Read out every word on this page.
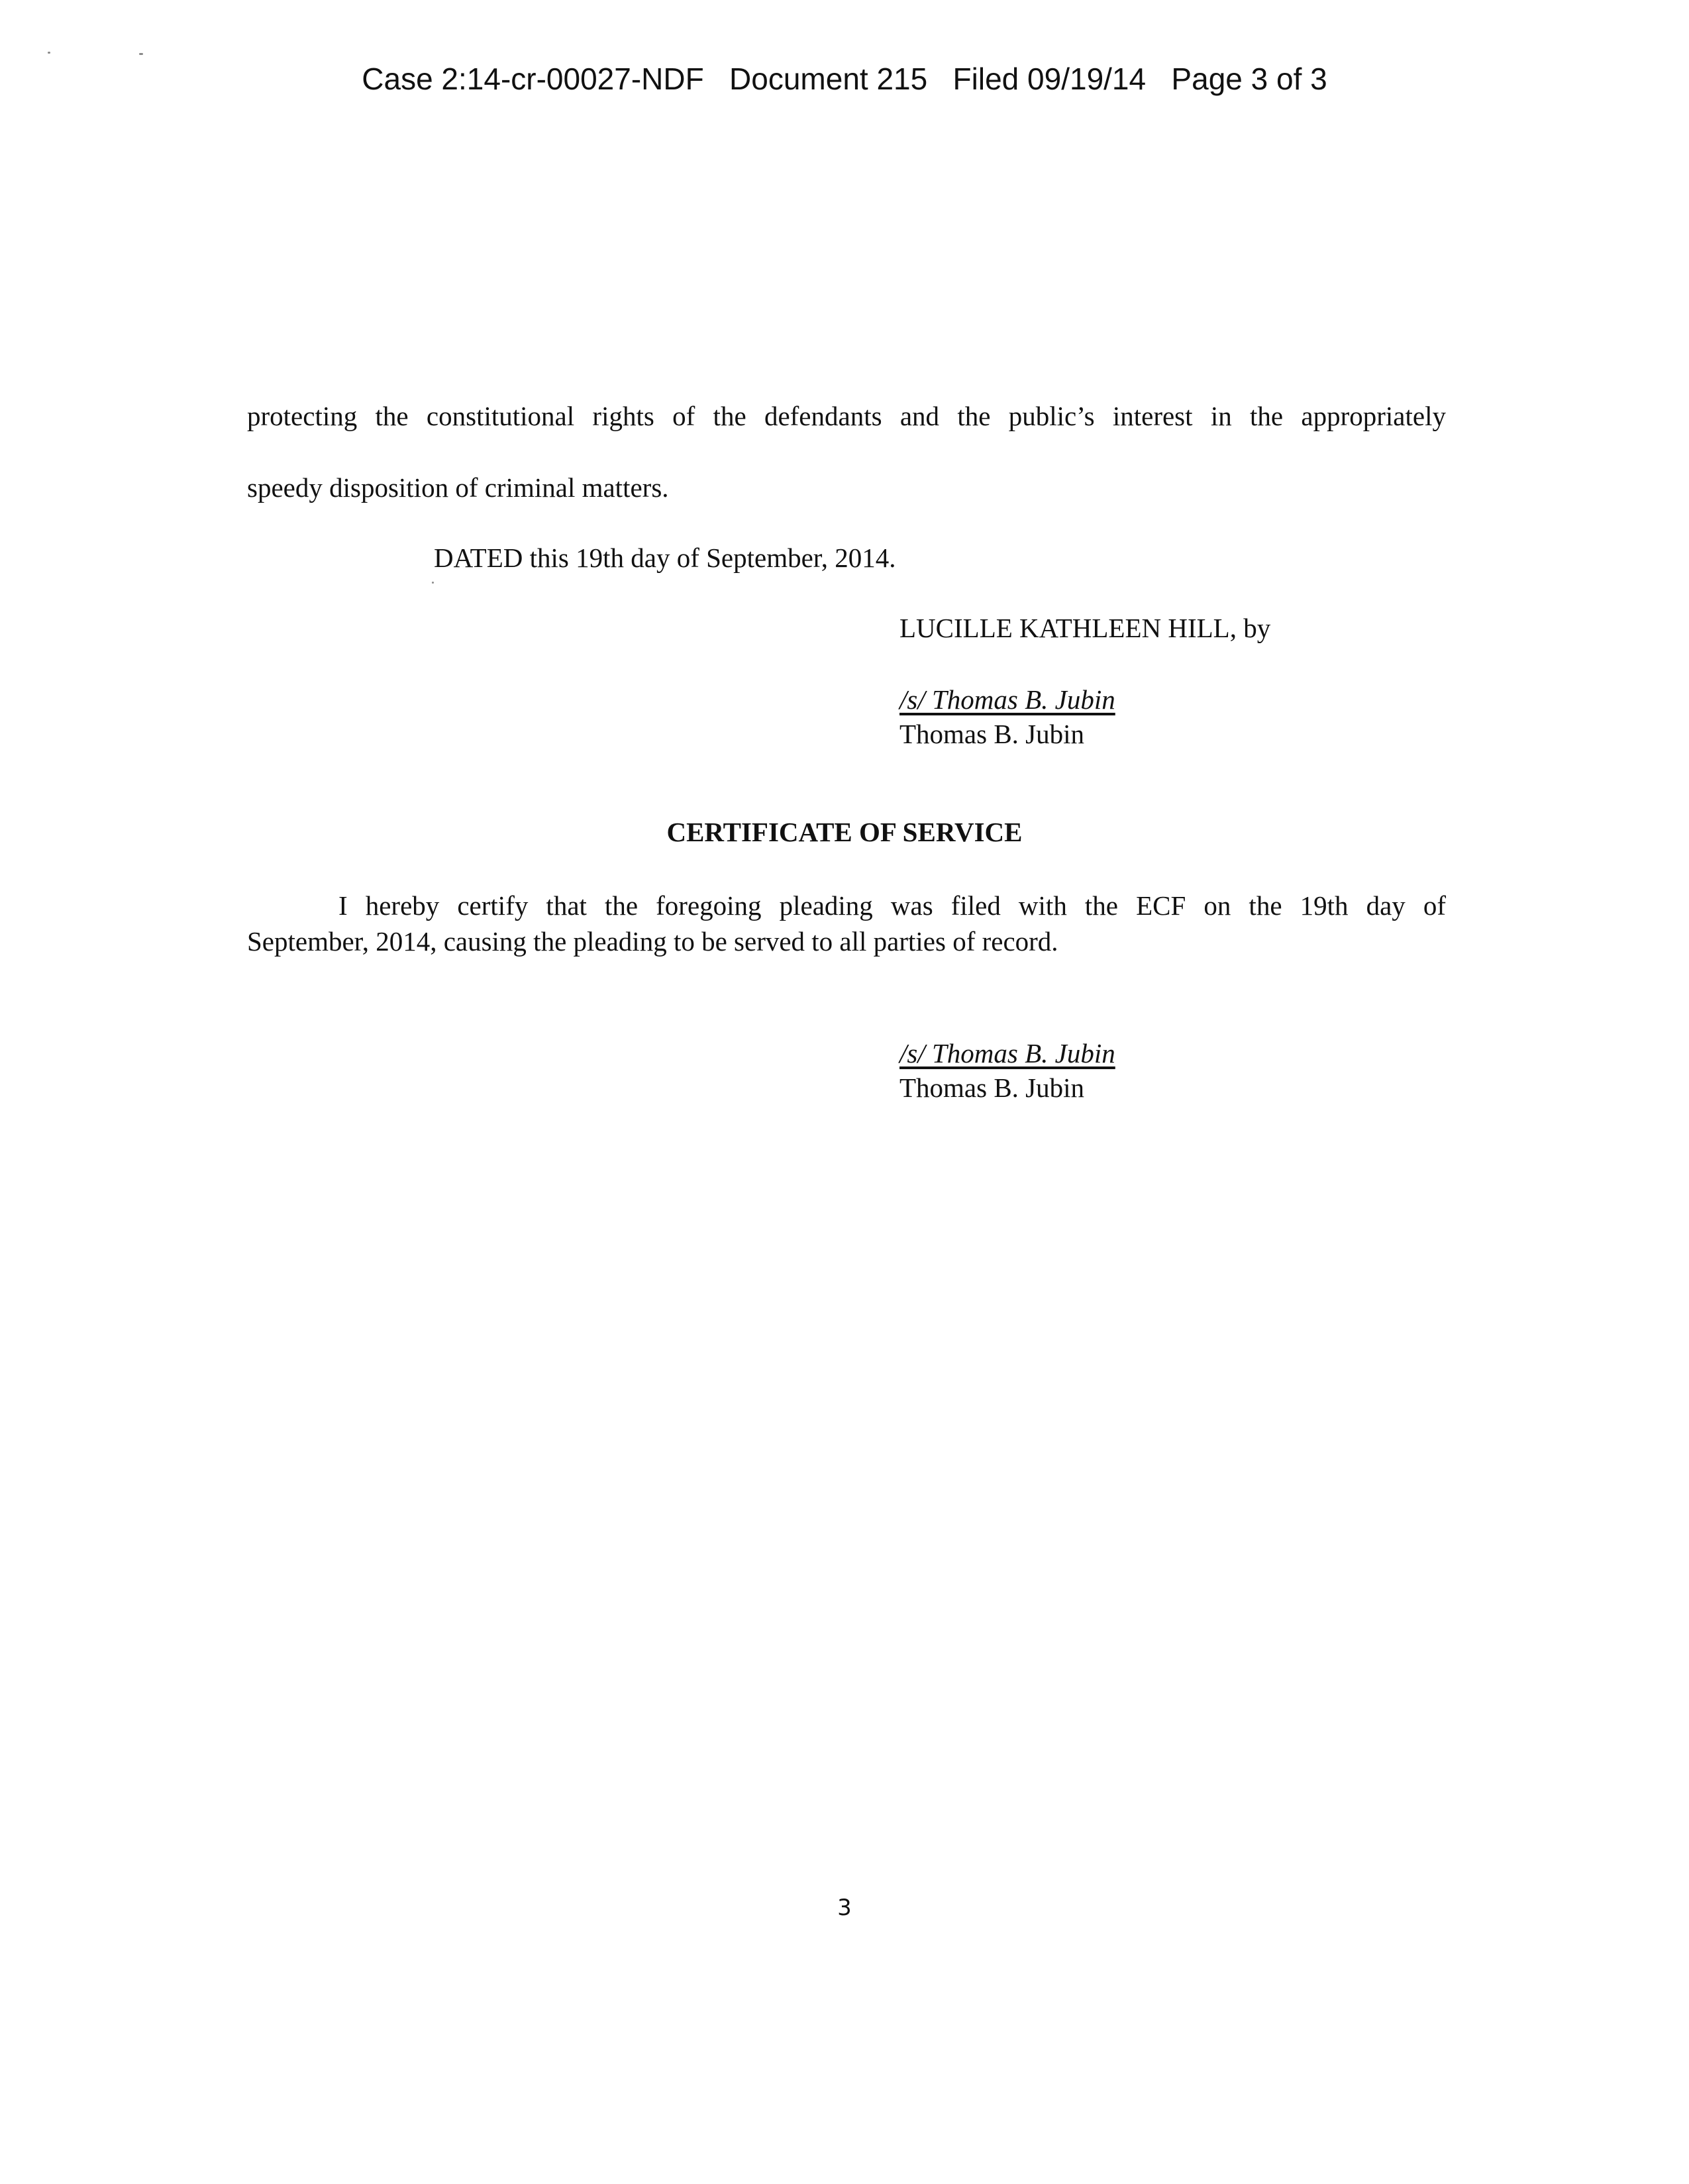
Case 2:14-cr-00027-NDF   Document 215   Filed 09/19/14   Page 3 of 3
protecting the constitutional rights of the defendants and the public’s interest in the appropriately
speedy disposition of criminal matters.
DATED this 19th day of September, 2014.
LUCILLE KATHLEEN HILL, by
/s/ Thomas B. Jubin
Thomas B. Jubin
CERTIFICATE OF SERVICE
I hereby certify that the foregoing pleading was filed with the ECF on the 19th day of
September, 2014, causing the pleading to be served to all parties of record.
/s/ Thomas B. Jubin
Thomas B. Jubin
3
